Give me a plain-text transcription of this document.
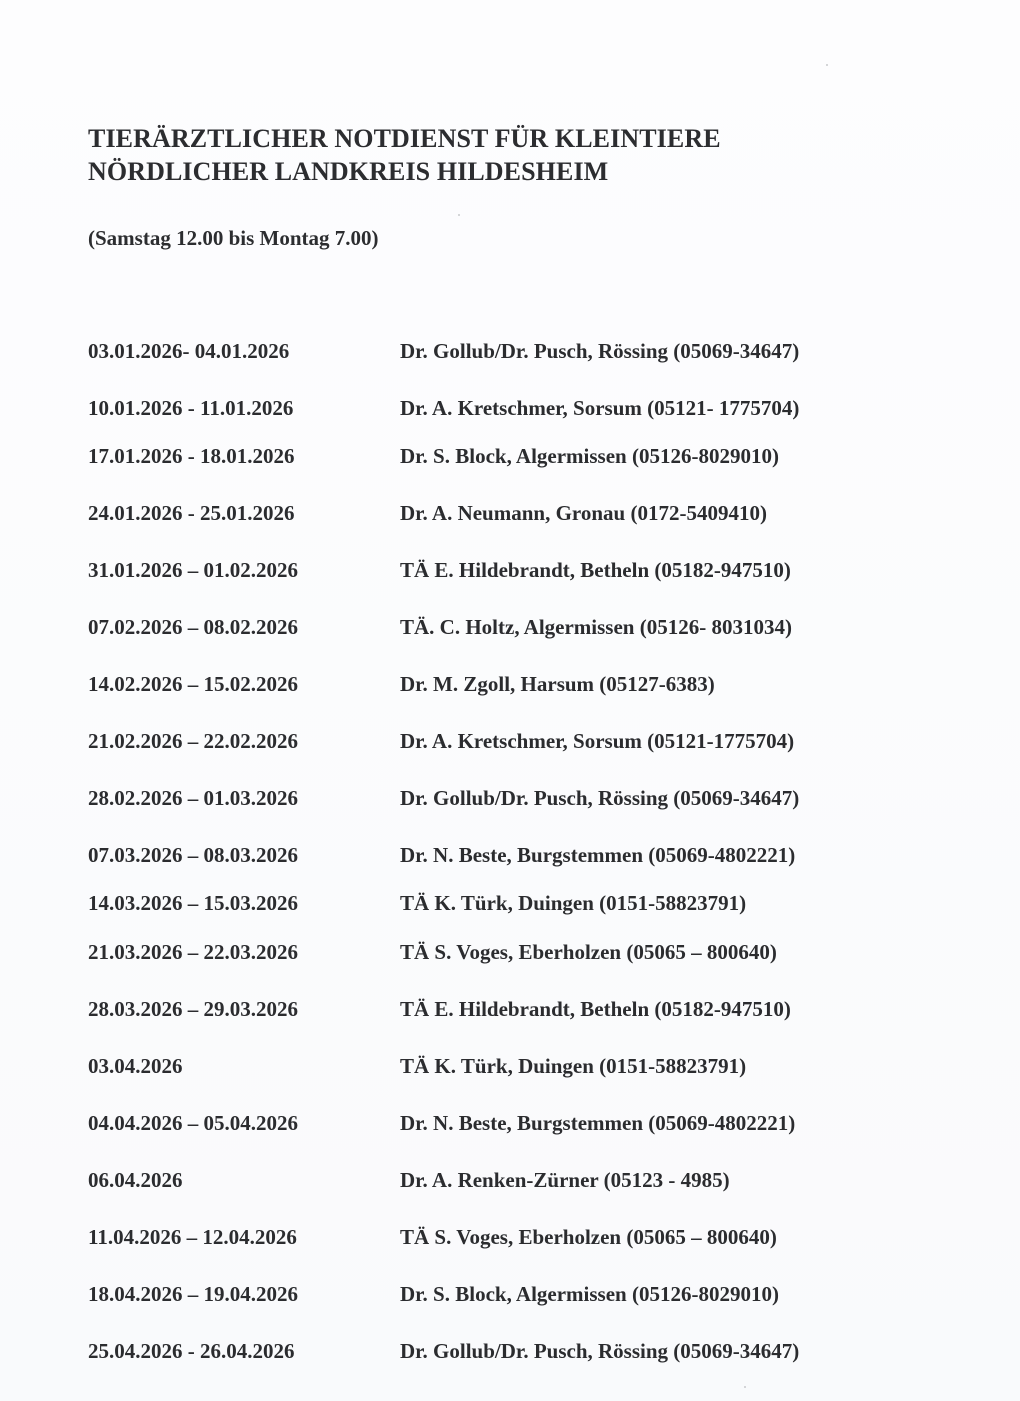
TIERÄRZTLICHER NOTDIENST FÜR KLEINTIERE
NÖRDLICHER LANDKREIS HILDESHEIM
(Samstag 12.00 bis Montag 7.00)
03.01.2026- 04.01.2026	Dr. Gollub/Dr. Pusch, Rössing (05069-34647)
10.01.2026 - 11.01.2026	Dr. A. Kretschmer, Sorsum (05121- 1775704)
17.01.2026 - 18.01.2026	Dr. S. Block, Algermissen (05126-8029010)
24.01.2026 - 25.01.2026	Dr. A. Neumann, Gronau (0172-5409410)
31.01.2026 – 01.02.2026	TÄ E. Hildebrandt, Betheln (05182-947510)
07.02.2026 – 08.02.2026	TÄ. C. Holtz, Algermissen (05126- 8031034)
14.02.2026 – 15.02.2026	Dr. M. Zgoll, Harsum (05127-6383)
21.02.2026 – 22.02.2026	Dr. A. Kretschmer, Sorsum (05121-1775704)
28.02.2026 – 01.03.2026	Dr. Gollub/Dr. Pusch, Rössing (05069-34647)
07.03.2026 – 08.03.2026	Dr. N. Beste, Burgstemmen (05069-4802221)
14.03.2026 – 15.03.2026	TÄ K. Türk, Duingen (0151-58823791)
21.03.2026 – 22.03.2026	TÄ S. Voges, Eberholzen (05065 – 800640)
28.03.2026 – 29.03.2026	TÄ E. Hildebrandt, Betheln (05182-947510)
03.04.2026	TÄ K. Türk, Duingen (0151-58823791)
04.04.2026 – 05.04.2026	Dr. N. Beste, Burgstemmen (05069-4802221)
06.04.2026	Dr. A. Renken-Zürner (05123 - 4985)
11.04.2026 – 12.04.2026	TÄ S. Voges, Eberholzen (05065 – 800640)
18.04.2026 – 19.04.2026	Dr. S. Block, Algermissen (05126-8029010)
25.04.2026 - 26.04.2026	Dr. Gollub/Dr. Pusch, Rössing (05069-34647)
